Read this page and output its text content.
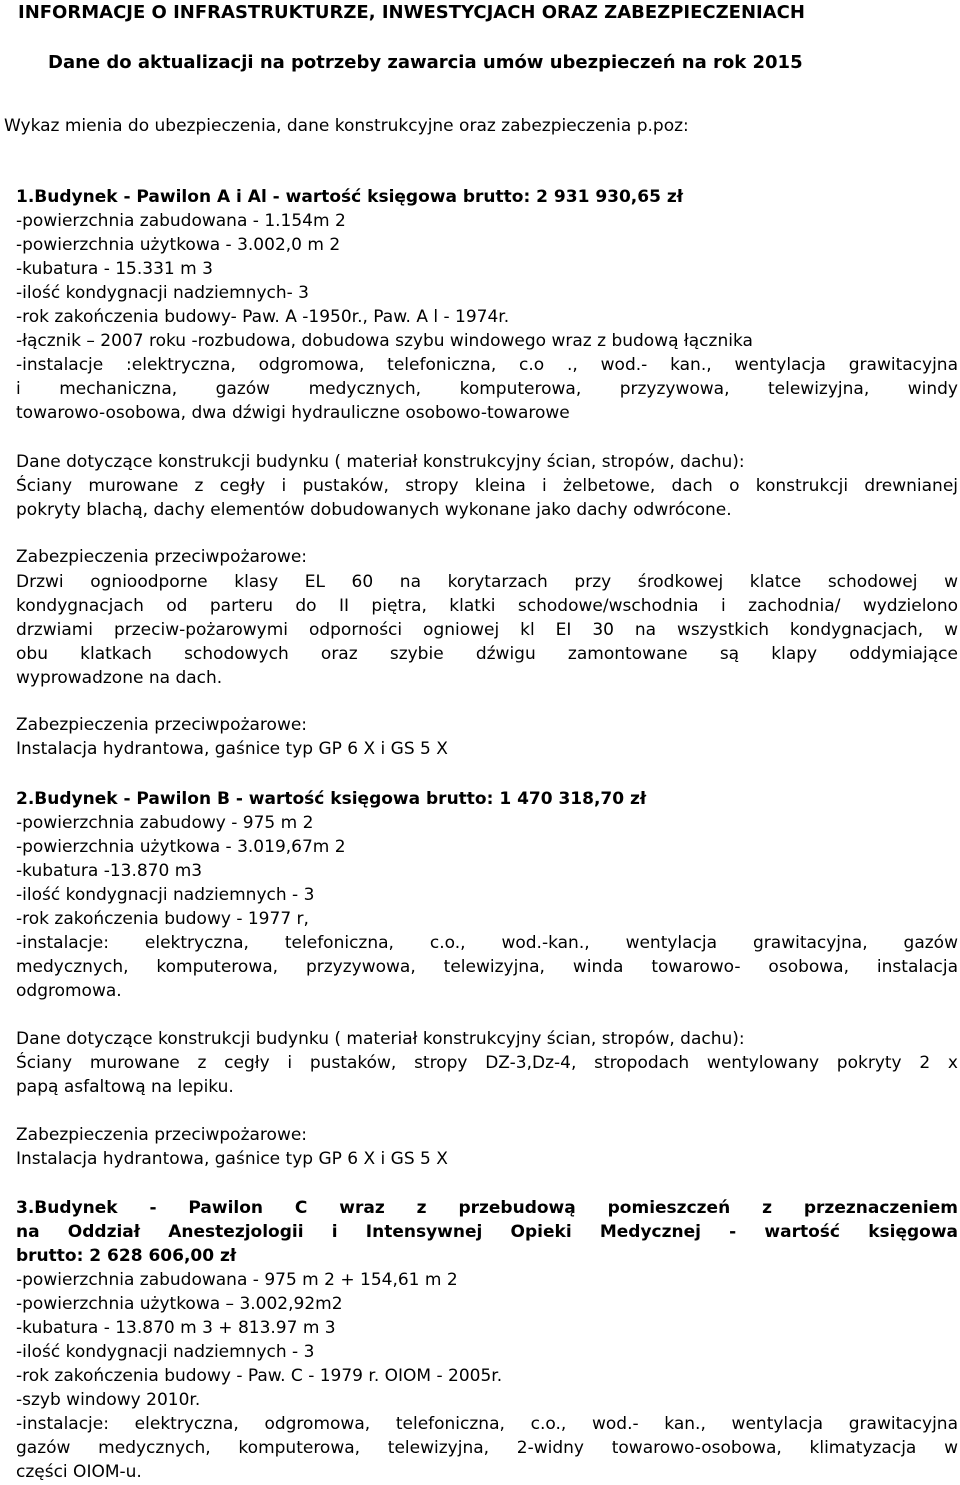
INFORMACJE O INFRASTRUKTURZE, INWESTYCJACH ORAZ ZABEZPIECZENIACH
Dane do aktualizacji na potrzeby zawarcia umów ubezpieczeń na rok 2015
Wykaz mienia do ubezpieczenia, dane konstrukcyjne oraz zabezpieczenia p.poz:
1.Budynek - Pawilon A i Al - wartość księgowa brutto: 2 931 930,65 zł
-powierzchnia zabudowana - 1.154m 2
-powierzchnia użytkowa - 3.002,0 m 2
-kubatura - 15.331 m 3
-ilość kondygnacji nadziemnych- 3
-rok zakończenia budowy- Paw. A -1950r., Paw. A l - 1974r.
-łącznik – 2007 roku -rozbudowa, dobudowa szybu windowego wraz z budową łącznika
-instalacje :elektryczna, odgromowa, telefoniczna, c.o ., wod.- kan., wentylacja grawitacyjna
i mechaniczna, gazów medycznych, komputerowa, przyzywowa, telewizyjna, windy
towarowo-osobowa, dwa dźwigi hydrauliczne osobowo-towarowe
Dane dotyczące konstrukcji budynku ( materiał konstrukcyjny ścian, stropów, dachu):
Ściany murowane z cegły i pustaków, stropy kleina i żelbetowe, dach o konstrukcji drewnianej
pokryty blachą, dachy elementów dobudowanych wykonane jako dachy odwrócone.
Zabezpieczenia przeciwpożarowe:
Drzwi ognioodporne klasy EL 60 na korytarzach przy środkowej klatce schodowej w
kondygnacjach od parteru do II piętra, klatki schodowe/wschodnia i zachodnia/ wydzielono
drzwiami przeciw-pożarowymi odporności ogniowej kl EI 30 na wszystkich kondygnacjach, w
obu klatkach schodowych oraz szybie dźwigu zamontowane są klapy oddymiające
wyprowadzone na dach.
Zabezpieczenia przeciwpożarowe:
Instalacja hydrantowa, gaśnice typ GP 6 X i GS 5 X
2.Budynek - Pawilon B - wartość księgowa brutto: 1 470 318,70 zł
-powierzchnia zabudowy - 975 m 2
-powierzchnia użytkowa - 3.019,67m 2
-kubatura -13.870 m3
-ilość kondygnacji nadziemnych - 3
-rok zakończenia budowy - 1977 r,
-instalacje: elektryczna, telefoniczna, c.o., wod.-kan., wentylacja grawitacyjna, gazów
medycznych, komputerowa, przyzywowa, telewizyjna, winda towarowo- osobowa, instalacja
odgromowa.
Dane dotyczące konstrukcji budynku ( materiał konstrukcyjny ścian, stropów, dachu):
Ściany murowane z cegły i pustaków, stropy DZ-3,Dz-4, stropodach wentylowany pokryty 2 x
papą asfaltową na lepiku.
Zabezpieczenia przeciwpożarowe:
Instalacja hydrantowa, gaśnice typ GP 6 X i GS 5 X
3.Budynek - Pawilon C wraz z przebudową pomieszczeń z przeznaczeniem
na Oddział Anestezjologii i Intensywnej Opieki Medycznej - wartość księgowa
brutto: 2 628 606,00 zł
-powierzchnia zabudowana - 975 m 2 + 154,61 m 2
-powierzchnia użytkowa – 3.002,92m2
-kubatura - 13.870 m 3 + 813.97 m 3
-ilość kondygnacji nadziemnych - 3
-rok zakończenia budowy - Paw. C - 1979 r. OIOM - 2005r.
-szyb windowy 2010r.
-instalacje: elektryczna, odgromowa, telefoniczna, c.o., wod.- kan., wentylacja grawitacyjna
gazów medycznych, komputerowa, telewizyjna, 2-widny towarowo-osobowa, klimatyzacja w
części OIOM-u.
